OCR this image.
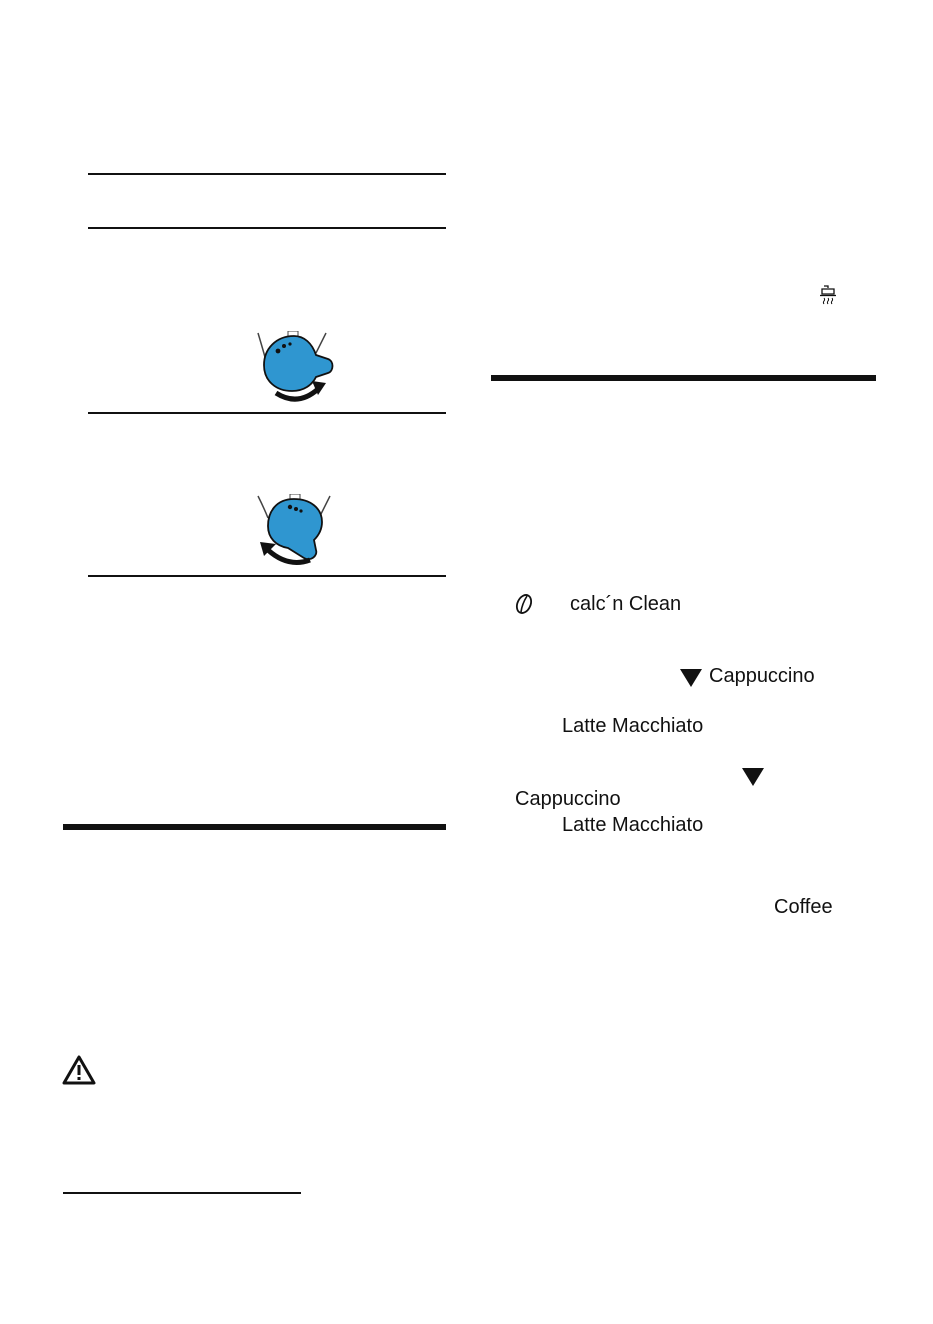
calc´n Clean
Cappuccino
Latte Macchiato
Cappuccino
Latte Macchiato
Coffee
